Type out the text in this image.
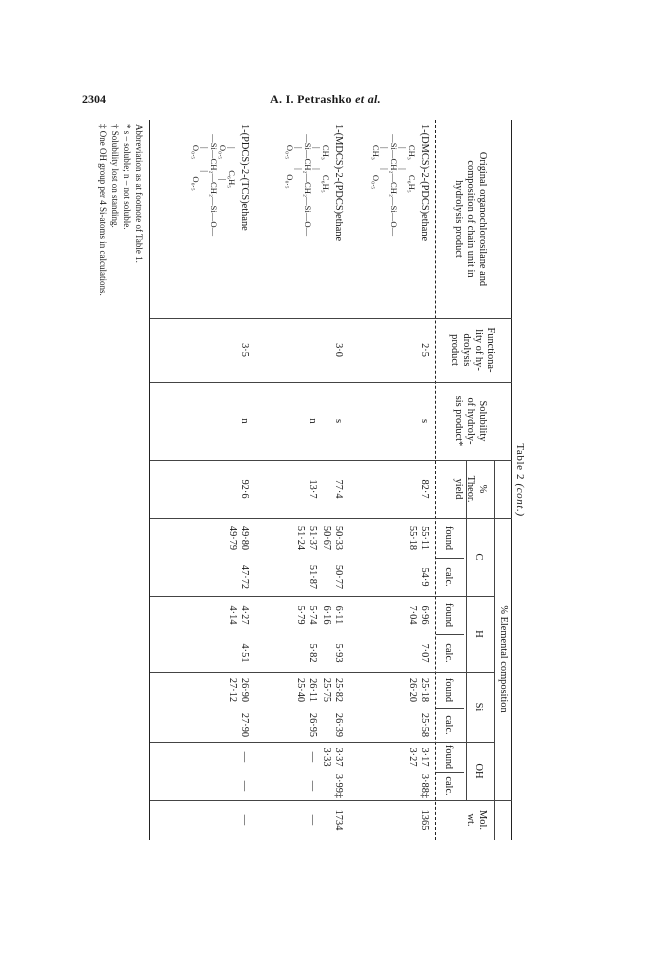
2304	A. I. Petrashko et al.
Table 2 (cont.)
Original organochlorosilane and
composition of chain unit in
hydrolysis product
Functiona-
lity of hy-
drolysis
product
Solubility
of hydroly-
sis product*
%
Theor.
yield
% Elemental composition
C
H
Si
OH
Mol.
wt.
found
calc.
found
calc.
found
calc.
found
calc.
1-(DMCS)-2-(PDCS)ethane
CH₃       C₆H₅
|         |
—Si—CH₂—CH₂—Si—O—
|         |
CH₃       O₀.₅
2·5
s
82·7
55·11
55·18
54·9
6·96
7·04
7·07
25·18
26·20
25·58
3·17
3·27
3·88‡
1365
1-(MDCS)-2-(PDCS)ethane
CH₃       C₆H₅
|         |
—Si—CH₂—CH₂—Si—O—
|         |
O₀.₅       O₀.₅
3·0
s
77·4
50·33
50·67
50·77
6·11
6·16
5·93
25·82
25·75
26·39
3·37
3·33
3·99‡
1734
n
13·7
51·37
51·24
51·87
5·74
5·79
5·82
26·11
25·40
26·95
—
—
—
1-(PDCS)-2-(TCS)ethane
|          C₆H₅
O₀.₅         |
—Si—CH₂—CH₂—Si—O—
|          |
O₀.₅        O₀.₅
3·5
n
92·6
49·80
49·79
47·72
4·27
4·14
4·51
26·90
27·12
27·90
—
—
—
Abbreviation as at footnote of Table 1.
* s – soluble; n – not soluble.
† Solubility lost on standing.
‡ One OH group per 4 Si-atoms in calculations.
